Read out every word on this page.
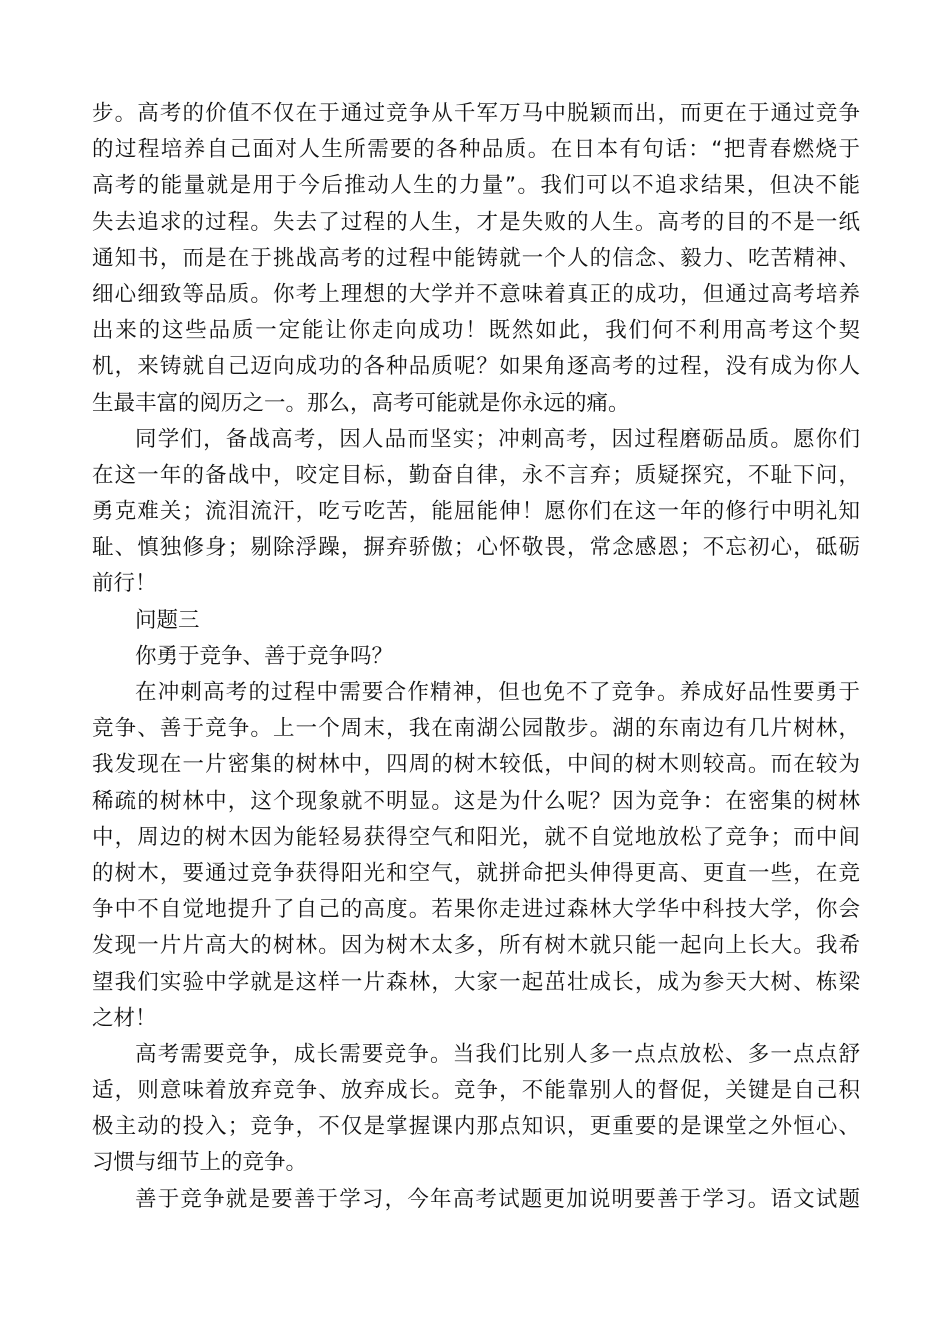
步。高考的价值不仅在于通过竞争从千军万马中脱颖而出，而更在于通过竞争
的过程培养自己面对人生所需要的各种品质。在日本有句话：“把青春燃烧于
高考的能量就是用于今后推动人生的力量”。我们可以不追求结果，但决不能
失去追求的过程。失去了过程的人生，才是失败的人生。高考的目的不是一纸
通知书，而是在于挑战高考的过程中能铸就一个人的信念、毅力、吃苦精神、
细心细致等品质。你考上理想的大学并不意味着真正的成功，但通过高考培养
出来的这些品质一定能让你走向成功！既然如此，我们何不利用高考这个契
机，来铸就自己迈向成功的各种品质呢？如果角逐高考的过程，没有成为你人
生最丰富的阅历之一。那么，高考可能就是你永远的痛。
同学们，备战高考，因人品而坚实；冲刺高考，因过程磨砺品质。愿你们
在这一年的备战中，咬定目标，勤奋自律，永不言弃；质疑探究，不耻下问，
勇克难关；流泪流汗，吃亏吃苦，能屈能伸！愿你们在这一年的修行中明礼知
耻、慎独修身；剔除浮躁，摒弃骄傲；心怀敬畏，常念感恩；不忘初心，砥砺
前行！
问题三
你勇于竞争、善于竞争吗？
在冲刺高考的过程中需要合作精神，但也免不了竞争。养成好品性要勇于
竞争、善于竞争。上一个周末，我在南湖公园散步。湖的东南边有几片树林，
我发现在一片密集的树林中，四周的树木较低，中间的树木则较高。而在较为
稀疏的树林中，这个现象就不明显。这是为什么呢？因为竞争：在密集的树林
中，周边的树木因为能轻易获得空气和阳光，就不自觉地放松了竞争；而中间
的树木，要通过竞争获得阳光和空气，就拼命把头伸得更高、更直一些，在竞
争中不自觉地提升了自己的高度。若果你走进过森林大学华中科技大学，你会
发现一片片高大的树林。因为树木太多，所有树木就只能一起向上长大。我希
望我们实验中学就是这样一片森林，大家一起茁壮成长，成为参天大树、栋梁
之材！
高考需要竞争，成长需要竞争。当我们比别人多一点点放松、多一点点舒
适，则意味着放弃竞争、放弃成长。竞争，不能靠别人的督促，关键是自己积
极主动的投入；竞争，不仅是掌握课内那点知识，更重要的是课堂之外恒心、
习惯与细节上的竞争。
善于竞争就是要善于学习，今年高考试题更加说明要善于学习。语文试题
